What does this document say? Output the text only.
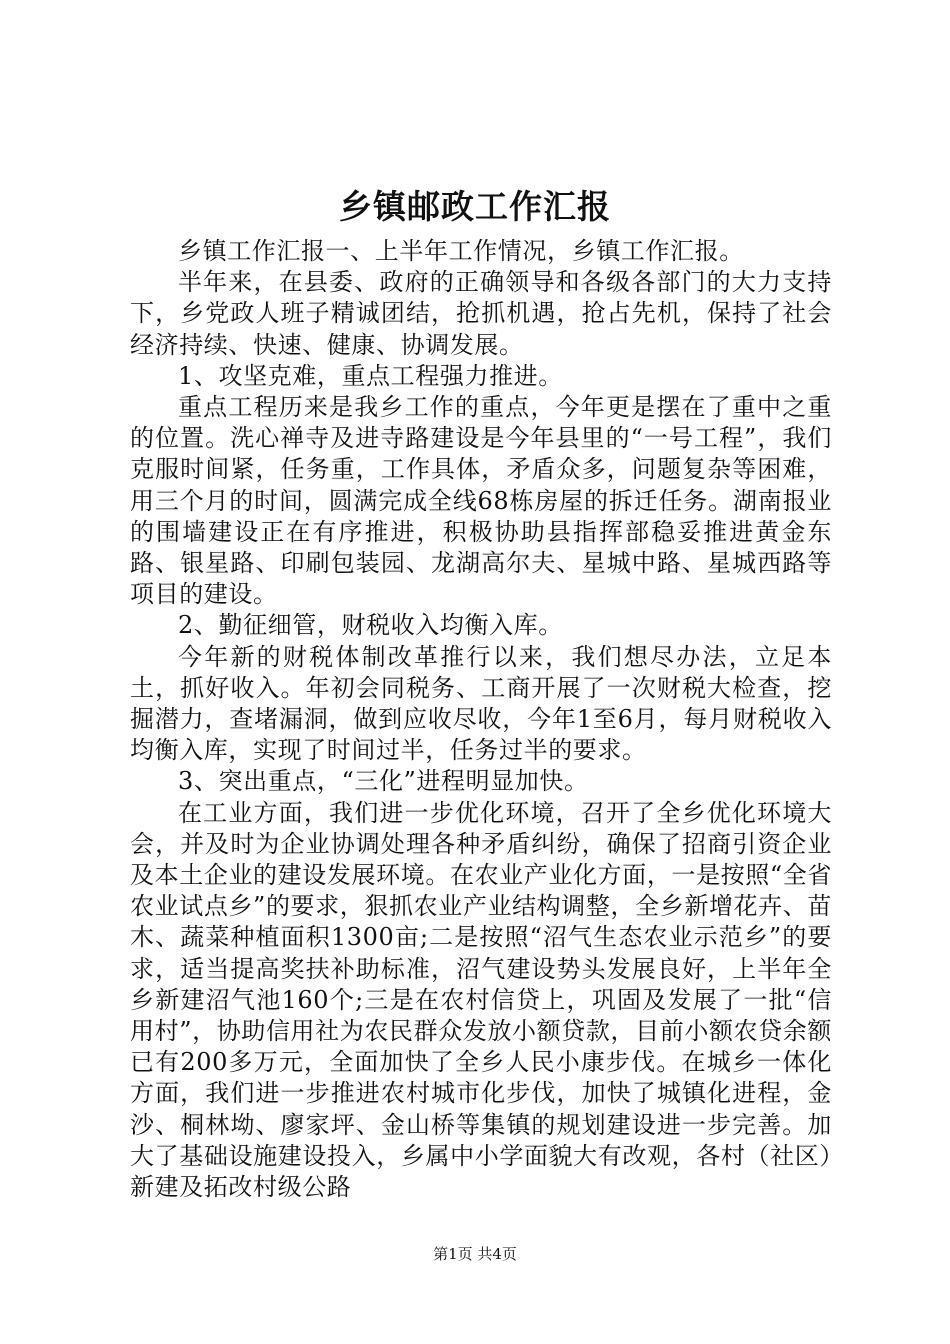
乡镇邮政工作汇报

乡镇工作汇报一、上半年工作情况，乡镇工作汇报。

半年来，在县委、政府的正确领导和各级各部门的大力支持下，乡党政人班子精诚团结，抢抓机遇，抢占先机，保持了社会经济持续、快速、健康、协调发展。

1、攻坚克难，重点工程强力推进。

重点工程历来是我乡工作的重点，今年更是摆在了重中之重的位置。洗心禅寺及进寺路建设是今年县里的“一号工程”，我们克服时间紧，任务重，工作具体，矛盾众多，问题复杂等困难，用三个月的时间，圆满完成全线68栋房屋的拆迁任务。湖南报业的围墙建设正在有序推进，积极协助县指挥部稳妥推进黄金东路、银星路、印刷包装园、龙湖高尔夫、星城中路、星城西路等项目的建设。

2、勤征细管，财税收入均衡入库。

今年新的财税体制改革推行以来，我们想尽办法，立足本土，抓好收入。年初会同税务、工商开展了一次财税大检查，挖掘潜力，查堵漏洞，做到应收尽收，今年1至6月，每月财税收入均衡入库，实现了时间过半，任务过半的要求。

3、突出重点，“三化”进程明显加快。

在工业方面，我们进一步优化环境，召开了全乡优化环境大会，并及时为企业协调处理各种矛盾纠纷，确保了招商引资企业及本土企业的建设发展环境。在农业产业化方面，一是按照“全省农业试点乡”的要求，狠抓农业产业结构调整，全乡新增花卉、苗木、蔬菜种植面积1300亩;二是按照“沼气生态农业示范乡”的要求，适当提高奖扶补助标准，沼气建设势头发展良好，上半年全乡新建沼气池160个;三是在农村信贷上，巩固及发展了一批“信用村”，协助信用社为农民群众发放小额贷款，目前小额农贷余额已有200多万元，全面加快了全乡人民小康步伐。在城乡一体化方面，我们进一步推进农村城市化步伐，加快了城镇化进程，金沙、桐林坳、廖家坪、金山桥等集镇的规划建设进一步完善。加大了基础设施建设投入，乡属中小学面貌大有改观，各村（社区）新建及拓改村级公路

第1页 共4页
